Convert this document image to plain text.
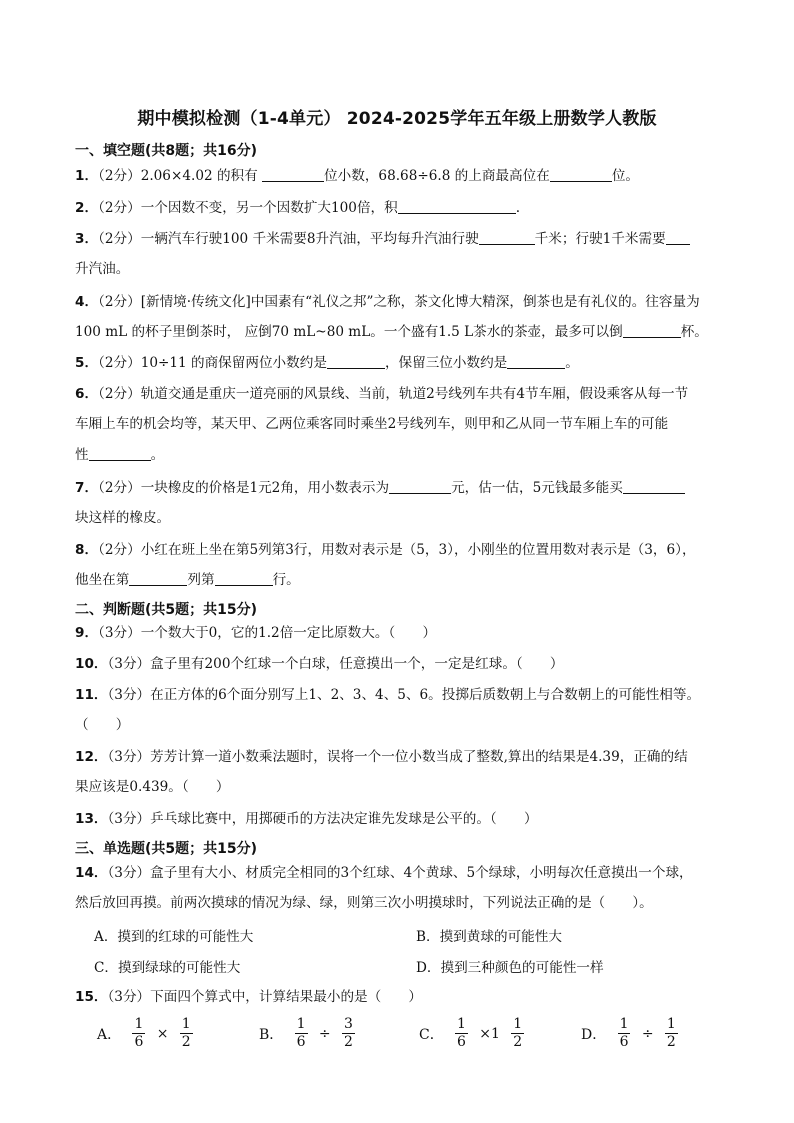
期中模拟检测（1-4单元） 2024-2025学年五年级上册数学人教版
一、填空题(共8题；共16分)
1．（2分）2.06×4.02 的积有	位小数，68.68÷6.8 的上商最高位在	位。
2．（2分）一个因数不变，另一个因数扩大100倍，积	.
3．（2分）一辆汽车行驶100 千米需要8升汽油，平均每升汽油行驶	千米；行驶1千米需要
升汽油。
4．（2分）[新情境·传统文化]中国素有“礼仪之邦”之称，茶文化博大精深，倒茶也是有礼仪的。往容量为
100 mL 的杯子里倒茶时， 应倒70 mL~80 mL。一个盛有1.5 L茶水的茶壶，最多可以倒	杯。
5．（2分）10÷11 的商保留两位小数约是	，保留三位小数约是	。
6．（2分）轨道交通是重庆一道亮丽的风景线、当前，轨道2号线列车共有4节车厢，假设乘客从每一节
车厢上车的机会均等，某天甲、乙两位乘客同时乘坐2号线列车，则甲和乙从同一节车厢上车的可能
性	。
7．（2分）一块橡皮的价格是1元2角，用小数表示为	元，估一估，5元钱最多能买
块这样的橡皮。
8．（2分）小红在班上坐在第5列第3行，用数对表示是（5，3），小刚坐的位置用数对表示是（3，6），
他坐在第	列第	行。
二、判断题(共5题；共15分)
9．（3分）一个数大于0，它的1.2倍一定比原数大。（　　）
10．（3分）盒子里有200个红球一个白球，任意摸出一个，一定是红球。（　　）
11．（3分）在正方体的6个面分别写上1、2、3、4、5、6。投掷后质数朝上与合数朝上的可能性相等。
（　　）
12．（3分）芳芳计算一道小数乘法题时，误将一个一位小数当成了整数,算出的结果是4.39，正确的结
果应该是0.439。（　　）
13．（3分）乒乓球比赛中，用掷硬币的方法决定谁先发球是公平的。（　　）
三、单选题(共5题；共15分)
14．（3分）盒子里有大小、材质完全相同的3个红球、4个黄球、5个绿球，小明每次任意摸出一个球，
然后放回再摸。前两次摸球的情况为绿、绿，则第三次小明摸球时，下列说法正确的是（　　）。
A．摸到的红球的可能性大	B．摸到黄球的可能性大
C．摸到绿球的可能性大	D．摸到三种颜色的可能性一样
15．（3分）下面四个算式中，计算结果最小的是（　　）
A． $\frac{1}{6} \times \frac{1}{2}$	B． $\frac{1}{6} \div \frac{3}{2}$	C． $\frac{1}{6} \times 1 \frac{1}{2}$	D． $\frac{1}{6} \div \frac{1}{2}$
